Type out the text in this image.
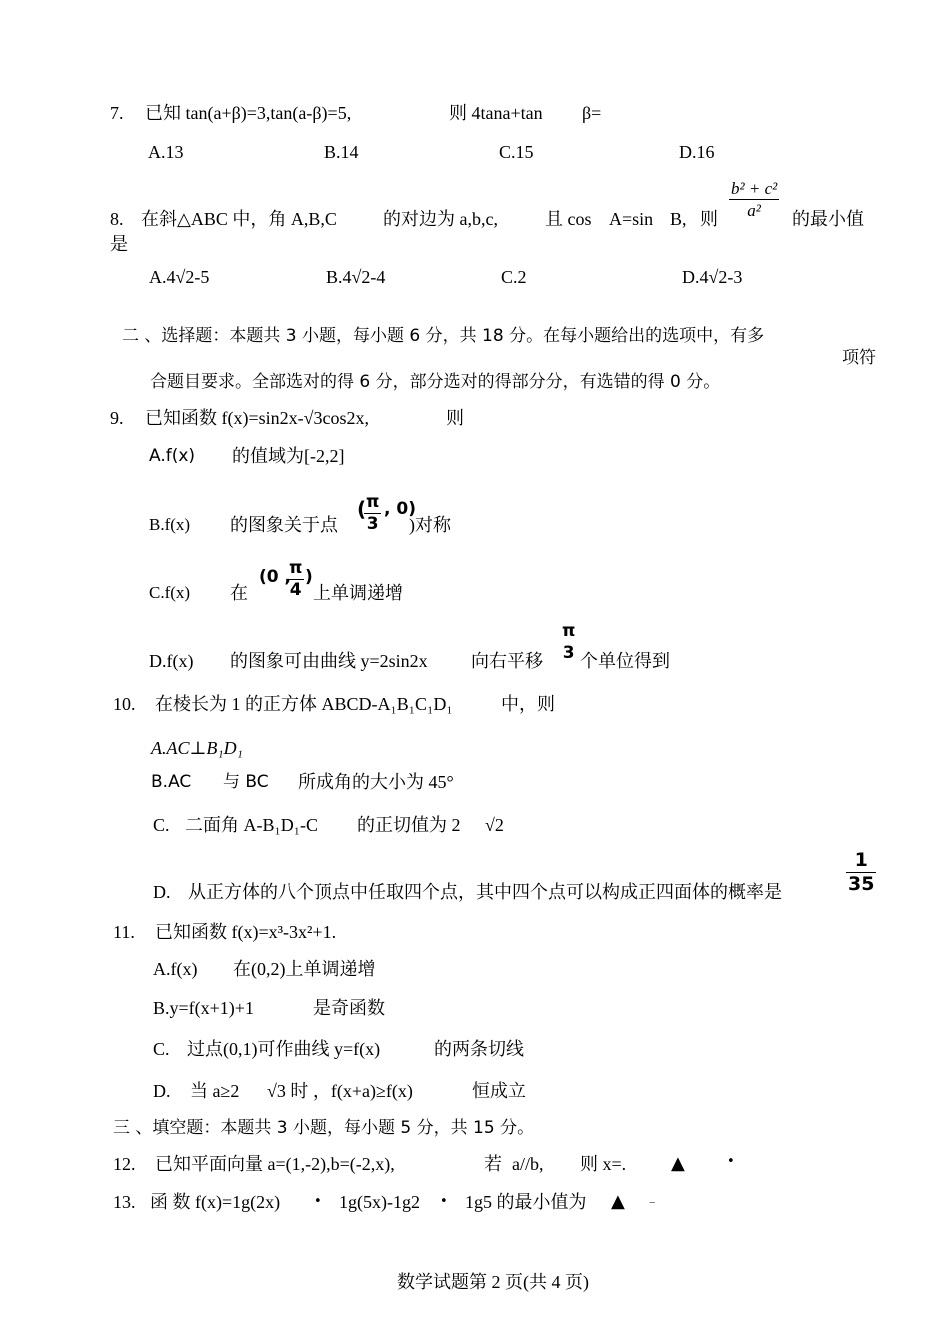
7. 已知 tan(a+β)=3,tan(a-β)=5,	则 4tana+tan β=
A.13	B.14	C.15	D.16
8. 在斜△ABC 中，角 A,B,C	的对边为 a,b,c,	且 cos A=sin B, 则
b² + c²
a²	的最小值
是
A.4√2-5	B.4√2-4	C.2	D.4√2-3
二 、选择题：本题共 3 小题，每小题 6 分，共 18 分。在每小题给出的选项中，有多
项符
合题目要求。全部选对的得 6 分，部分选对的得部分分，有选错的得 0 分。
9. 已知函数 f(x)=sin2x-√3cos2x,	则
A.f(x) 的值域为[-2,2]
B.f(x) 的图象关于点
( π
3
, 0)
)对称
C.f(x) 在
(0 ,
π
4
)
上单调递增
D.f(x) 的图象可由曲线 y=2sin2x 向右平移
π
3 个单位得到
10. 在棱长为 1 的正方体 ABCD-A₁B₁C₁D₁	中，则
A.AC⊥B₁D₁
B.AC 与 BC 所成角的大小为 45°
C. 二面角 A-B₁D₁-C 的正切值为 2 √2
D. 从正方体的八个顶点中任取四个点，其中四个点可以构成正四面体的概率是
1
35
11. 已知函数 f(x)=x³-3x²+1.
A.f(x) 在(0,2)上单调递增
B.y=f(x+1)+1	是奇函数
C. 过点(0,1)可作曲线 y=f(x)	的两条切线
D. 当 a≥2 √3 时 ，f(x+a)≥f(x)	恒成立
三 、填空题：本题共 3 小题，每小题 5 分，共 15 分。
12. 已知平面向量 a=(1,-2),b=(-2,x),	若 a//b, 则 x=. ▲	•
13. 函 数 f(x)=1g(2x)	• 1g(5x)-1g2 • 1g5 的最小值为 ▲ –
数学试题第 2 页(共 4 页)
